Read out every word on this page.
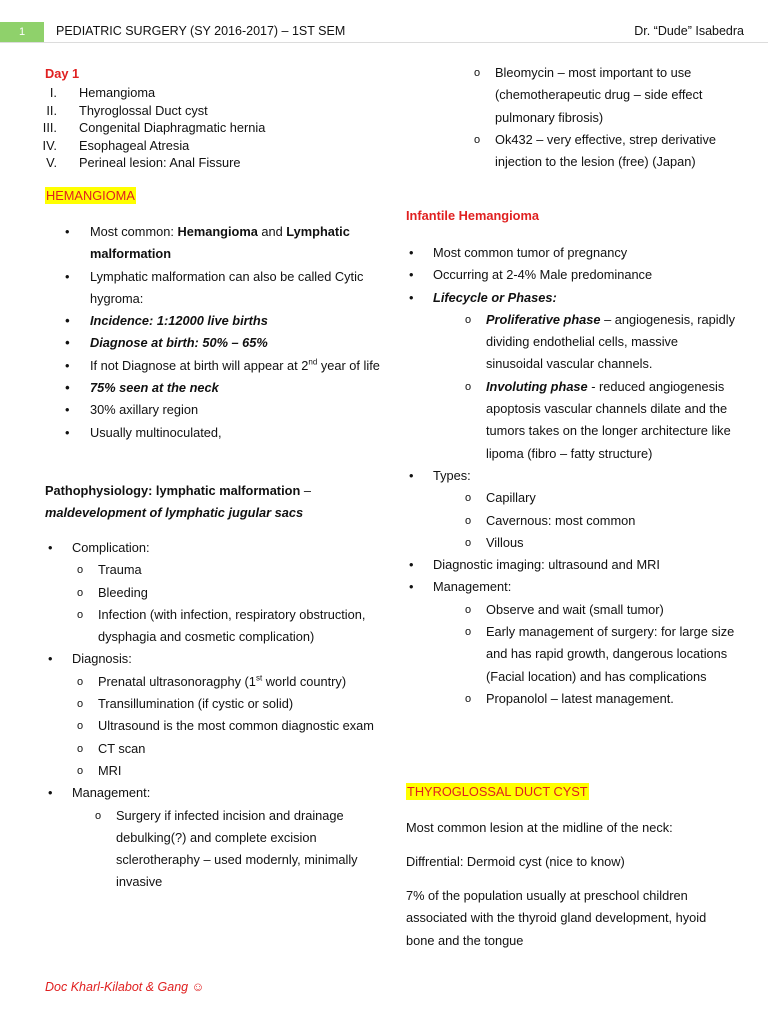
1	PEDIATRIC SURGERY (SY 2016-2017) – 1ST SEM	Dr. “Dude” Isabedra
Day 1
I. Hemangioma
II. Thyroglossal Duct cyst
III. Congenital Diaphragmatic hernia
IV. Esophageal Atresia
V. Perineal lesion: Anal Fissure
HEMANGIOMA
• Most common: Hemangioma and Lymphatic malformation
• Lymphatic malformation can also be called Cytic hygroma:
• Incidence: 1:12000 live births
• Diagnose at birth: 50% – 65%
• If not Diagnose at birth will appear at 2nd year of life
• 75% seen at the neck
• 30% axillary region
• Usually multinoculated,
Pathophysiology: lymphatic malformation –
maldevelopment of lymphatic jugular sacs
• Complication:
o Trauma
o Bleeding
o Infection (with infection, respiratory obstruction, dysphagia and cosmetic complication)
• Diagnosis:
o Prenatal ultrasonoragphy (1st world country)
o Transillumination (if cystic or solid)
o Ultrasound is the most common diagnostic exam
o CT scan
o MRI
• Management:
o Surgery if infected incision and drainage debulking(?) and complete excision sclerotheraphy – used modernly, minimally invasive
o Bleomycin – most important to use (chemotherapeutic drug – side effect pulmonary fibrosis)
o Ok432 – very effective, strep derivative injection to the lesion (free) (Japan)
Infantile Hemangioma
• Most common tumor of pregnancy
• Occurring at 2-4% Male predominance
• Lifecycle or Phases:
o Proliferative phase – angiogenesis, rapidly dividing endothelial cells, massive sinusoidal vascular channels.
o Involuting phase - reduced angiogenesis apoptosis vascular channels dilate and the tumors takes on the longer architecture like lipoma (fibro – fatty structure)
• Types:
o Capillary
o Cavernous: most common
o Villous
• Diagnostic imaging: ultrasound and MRI
• Management:
o Observe and wait (small tumor)
o Early management of surgery: for large size and has rapid growth, dangerous locations (Facial location) and has complications
o Propanolol – latest management.
THYROGLOSSAL DUCT CYST
Most common lesion at the midline of the neck:
Diffrential: Dermoid cyst (nice to know)
7% of the population usually at preschool children associated with the thyroid gland development, hyoid bone and the tongue
Doc Kharl-Kilabot & Gang ☺
